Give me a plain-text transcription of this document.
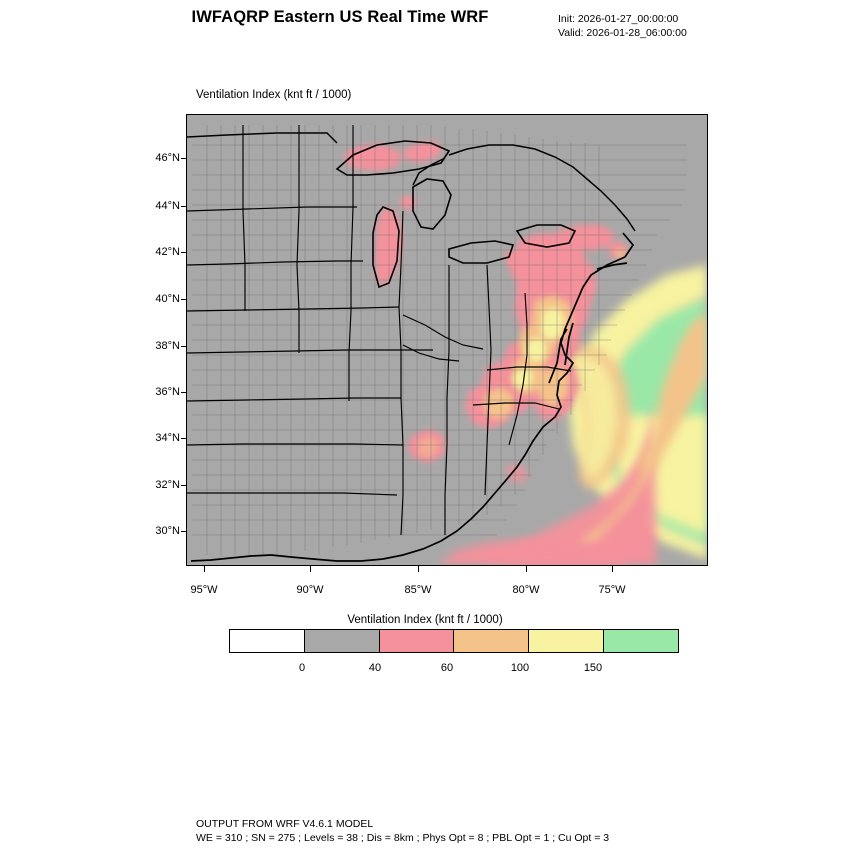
IWFAQRP Eastern US Real Time WRF	Init: 2026-01-27_00:00:00
Valid: 2026-01-28_06:00:00
Ventilation Index (knt ft / 1000)
46°N
44°N
42°N
40°N
38°N
36°N
34°N
32°N
30°N
95°W	90°W	85°W	80°W	75°W
Ventilation Index (knt ft / 1000)
0	40	60	100	150
OUTPUT FROM WRF V4.6.1 MODEL
WE = 310 ; SN = 275 ; Levels = 38 ; Dis = 8km ; Phys Opt = 8 ; PBL Opt = 1 ; Cu Opt = 3
